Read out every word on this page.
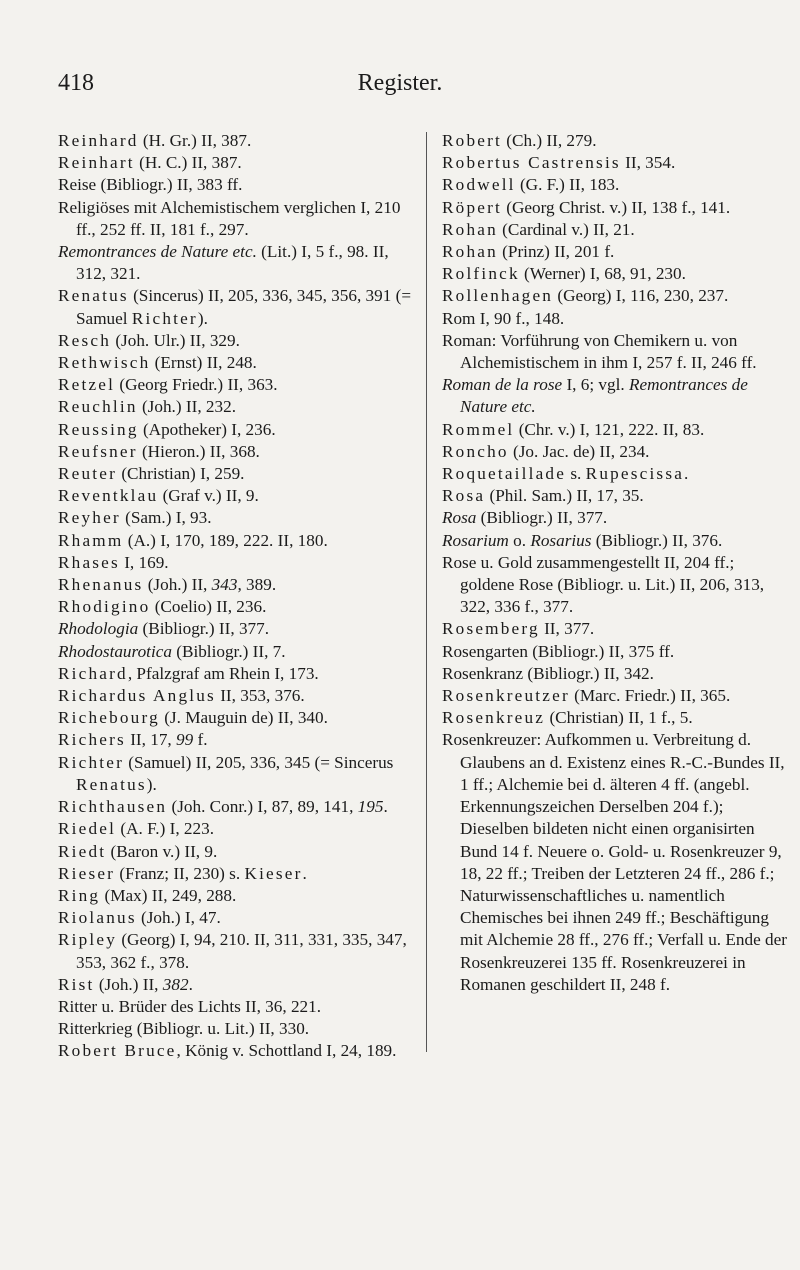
418	Register.
Reinhard (H. Gr.) II, 387.
Reinhart (H. C.) II, 387.
Reise (Bibliogr.) II, 383 ff.
Religiöses mit Alchemistischem verglichen I, 210 ff., 252 ff. II, 181 f., 297.
Remontrances de Nature etc. (Lit.) I, 5 f., 98. II, 312, 321.
Renatus (Sincerus) II, 205, 336, 345, 356, 391 (= Samuel Richter).
Resch (Joh. Ulr.) II, 329.
Rethwisch (Ernst) II, 248.
Retzel (Georg Friedr.) II, 363.
Reuchlin (Joh.) II, 232.
Reussing (Apotheker) I, 236.
Reufsner (Hieron.) II, 368.
Reuter (Christian) I, 259.
Reventklau (Graf v.) II, 9.
Reyher (Sam.) I, 93.
Rhamm (A.) I, 170, 189, 222. II, 180.
Rhases I, 169.
Rhenanus (Joh.) II, 343, 389.
Rhodigino (Coelio) II, 236.
Rhodologia (Bibliogr.) II, 377.
Rhodostaurotica (Bibliogr.) II, 7.
Richard, Pfalzgraf am Rhein I, 173.
Richardus Anglus II, 353, 376.
Richebourg (J. Mauguin de) II, 340.
Richers II, 17, 99 f.
Richter (Samuel) II, 205, 336, 345 (= Sincerus Renatus).
Richthausen (Joh. Conr.) I, 87, 89, 141, 195.
Riedel (A. F.) I, 223.
Riedt (Baron v.) II, 9.
Rieser (Franz; II, 230) s. Kieser.
Ring (Max) II, 249, 288.
Riolanus (Joh.) I, 47.
Ripley (Georg) I, 94, 210. II, 311, 331, 335, 347, 353, 362 f., 378.
Rist (Joh.) II, 382.
Ritter u. Brüder des Lichts II, 36, 221.
Ritterkrieg (Bibliogr. u. Lit.) II, 330.
Robert Bruce, König v. Schottland I, 24, 189.
Robert (Ch.) II, 279.
Robertus Castrensis II, 354.
Rodwell (G. F.) II, 183.
Röpert (Georg Christ. v.) II, 138 f., 141.
Rohan (Cardinal v.) II, 21.
Rohan (Prinz) II, 201 f.
Rolfinck (Werner) I, 68, 91, 230.
Rollenhagen (Georg) I, 116, 230, 237.
Rom I, 90 f., 148.
Roman: Vorführung von Chemikern u. von Alchemistischem in ihm I, 257 f. II, 246 ff.
Roman de la rose I, 6; vgl. Remontrances de Nature etc.
Rommel (Chr. v.) I, 121, 222. II, 83.
Roncho (Jo. Jac. de) II, 234.
Roquetaillade s. Rupescissa.
Rosa (Phil. Sam.) II, 17, 35.
Rosa (Bibliogr.) II, 377.
Rosarium o. Rosarius (Bibliogr.) II, 376.
Rose u. Gold zusammengestellt II, 204 ff.; goldene Rose (Bibliogr. u. Lit.) II, 206, 313, 322, 336 f., 377.
Rosemberg II, 377.
Rosengarten (Bibliogr.) II, 375 ff.
Rosenkranz (Bibliogr.) II, 342.
Rosenkreutzer (Marc. Friedr.) II, 365.
Rosenkreuz (Christian) II, 1 f., 5.
Rosenkreuzer: Aufkommen u. Verbreitung d. Glaubens an d. Existenz eines R.-C.-Bundes II, 1 ff.; Alchemie bei d. älteren 4 ff. (angebl. Erkennungszeichen Derselben 204 f.); Dieselben bildeten nicht einen organisirten Bund 14 f. Neuere o. Gold- u. Rosenkreuzer 9, 18, 22 ff.; Treiben der Letzteren 24 ff., 286 f.; Naturwissenschaftliches u. namentlich Chemisches bei ihnen 249 ff.; Beschäftigung mit Alchemie 28 ff., 276 ff.; Verfall u. Ende der Rosenkreuzerei 135 ff. Rosenkreuzerei in Romanen geschildert II, 248 f.
